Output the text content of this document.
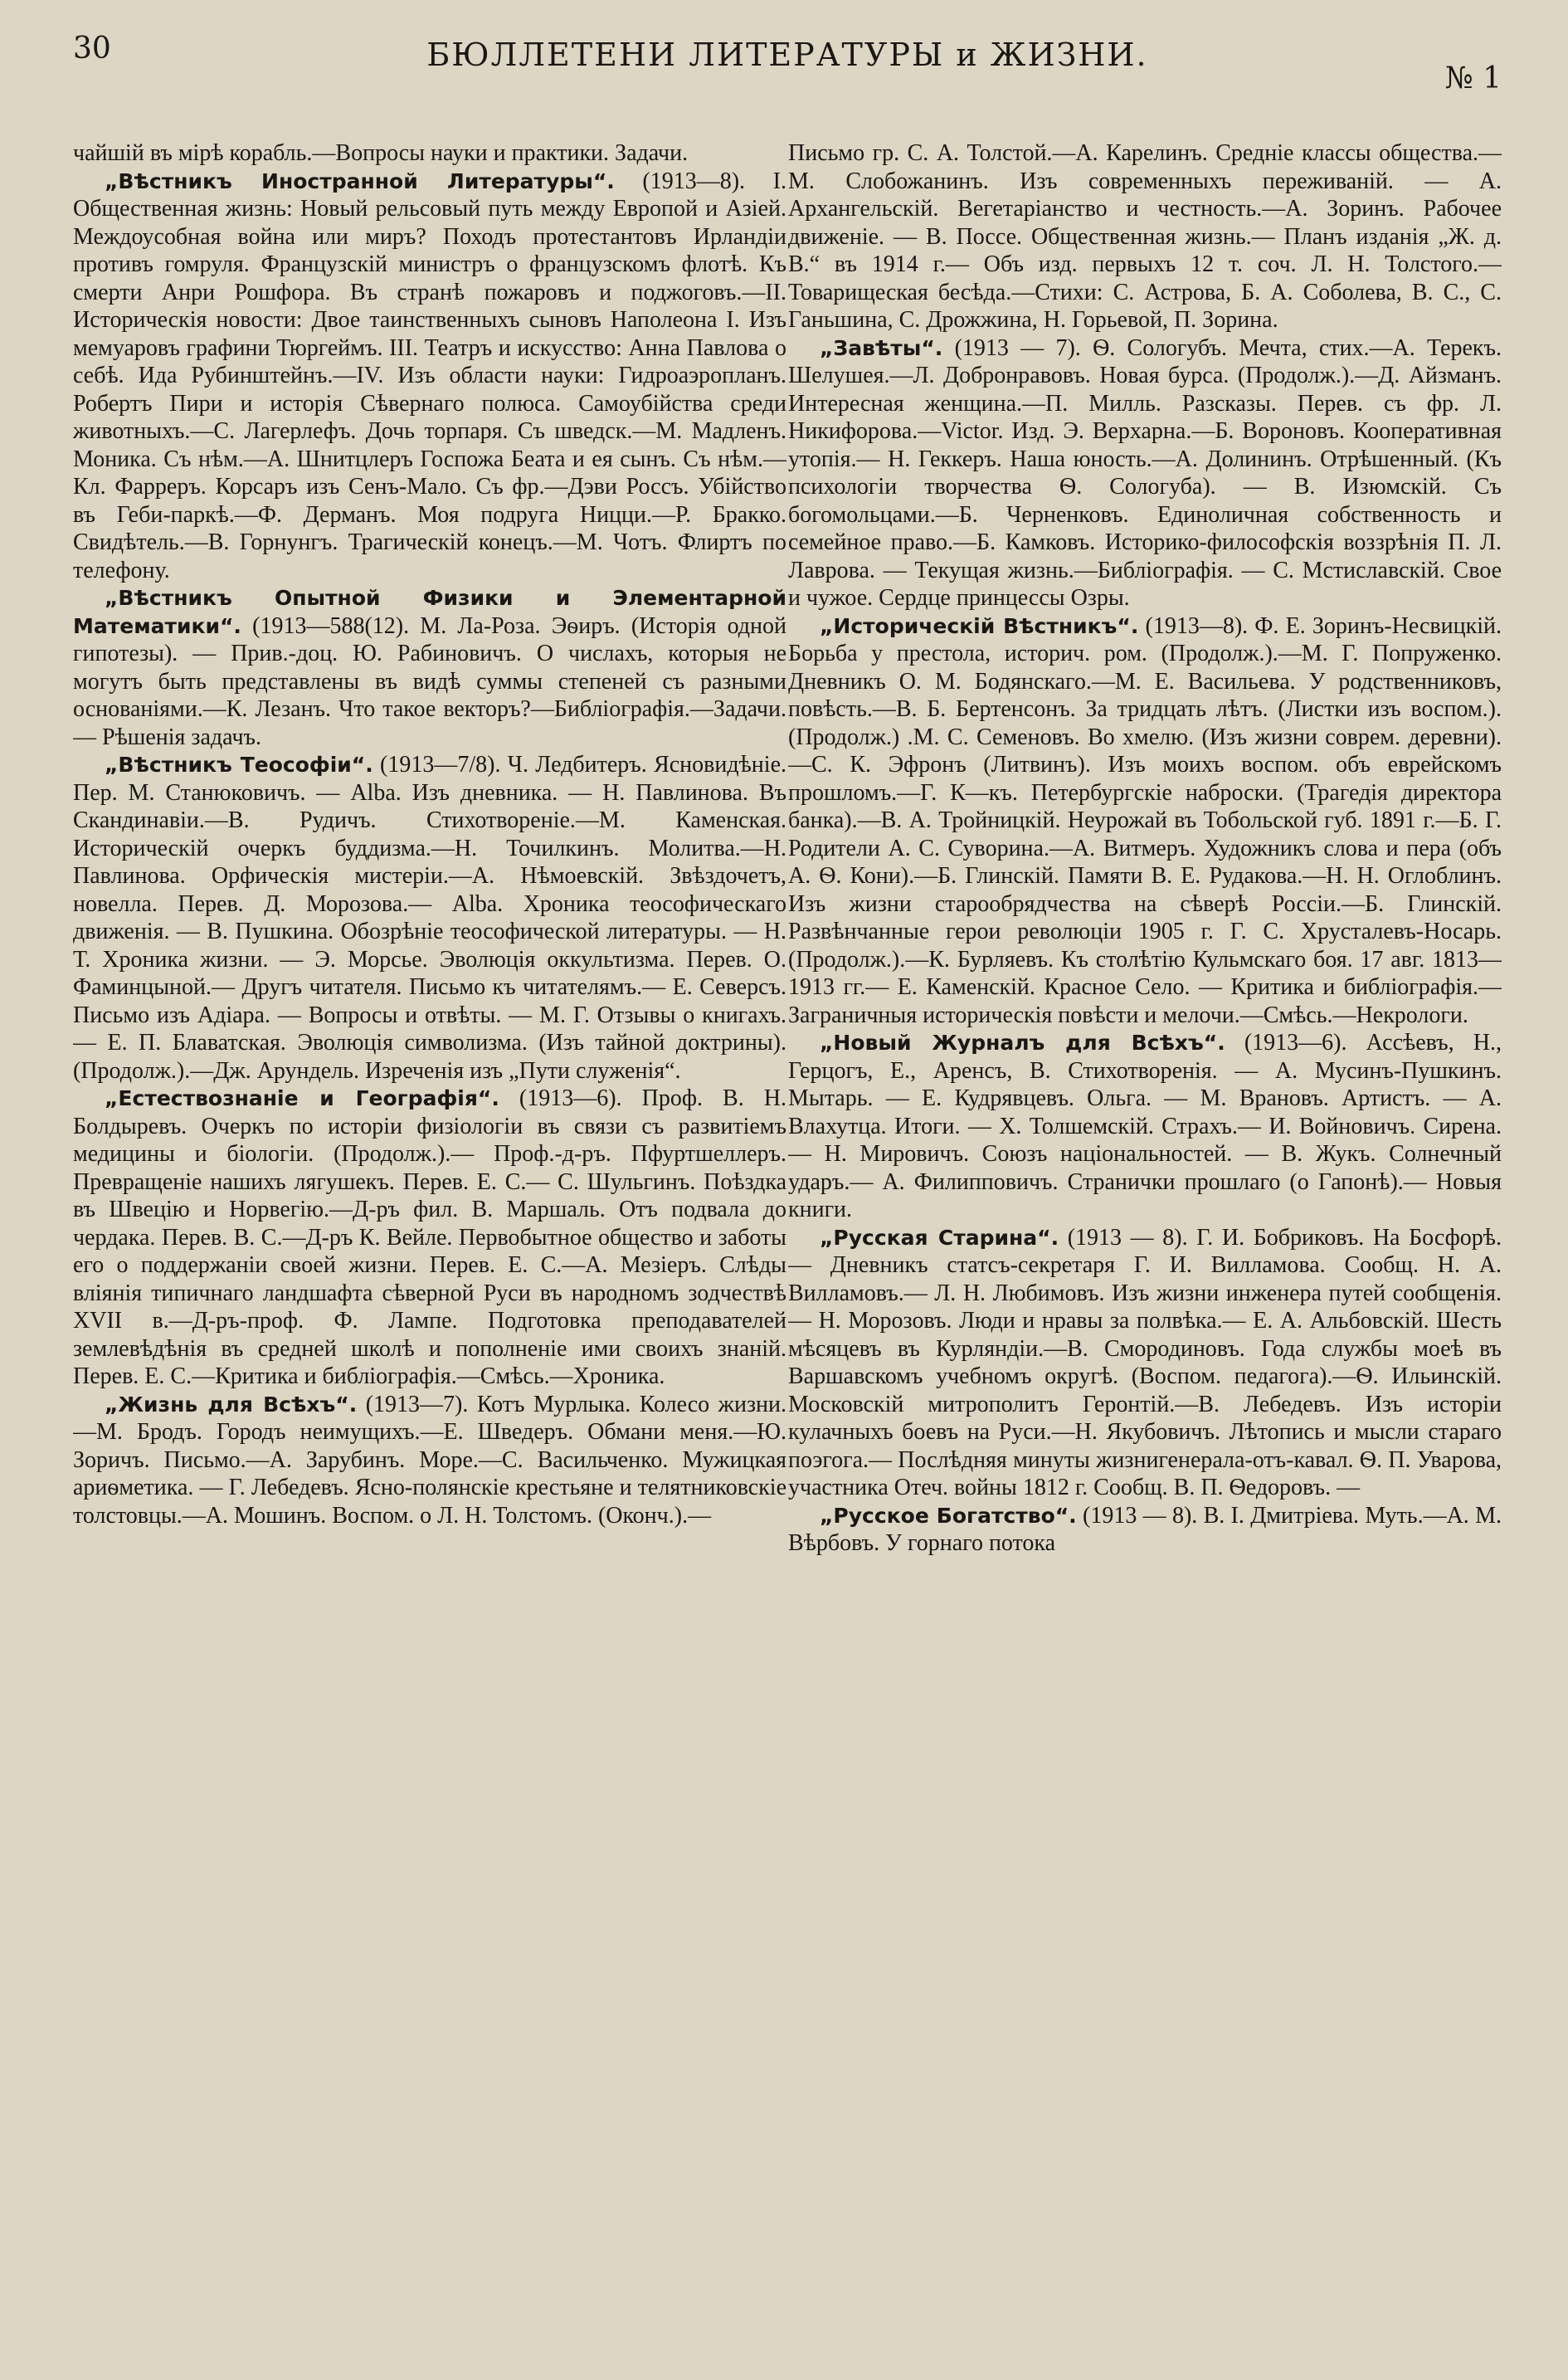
30	БЮЛЛЕТЕНИ ЛИТЕРАТУРЫ и ЖИЗНИ.
№ 1

чайшій въ мірѣ корабль.—Вопросы науки и практики. Задачи.

„Вѣстникъ Иностранной Литературы“. (1913—8). I. Общественная жизнь: Новый рельсовый путь между Европой и Азіей. Междоусобная война или миръ? Походъ протестантовъ Ирландіи противъ гомруля. Французскій министръ о французскомъ флотѣ. Къ смерти Анри Рошфора. Въ странѣ пожаровъ и поджоговъ.—II. Историческія новости: Двое таинственныхъ сыновъ Наполеона I. Изъ мемуаровъ графини Тюргеймъ. III. Театръ и искусство: Анна Павлова о себѣ. Ида Рубинштейнъ.—IV. Изъ области науки: Гидроаэропланъ. Робертъ Пири и исторія Сѣвернаго полюса. Самоубійства среди животныхъ.—С. Лагерлефъ. Дочь торпаря. Съ шведск.—М. Мадленъ. Моника. Съ нѣм.—А. Шнитцлеръ Госпожа Беата и ея сынъ. Съ нѣм.—Кл. Фарреръ. Корсаръ изъ Сенъ-Мало. Съ фр.—Дэви Россъ. Убійство въ Геби-паркѣ.—Ф. Дерманъ. Моя подруга Ницци.—Р. Бракко. Свидѣтель.—В. Горнунгъ. Трагическій конецъ.—М. Чотъ. Флиртъ по телефону.

„Вѣстникъ Опытной Физики и Элементарной Математики“. (1913—588(12). М. Ла-Роза. Эѳиръ. (Исторія одной гипотезы). — Прив.-доц. Ю. Рабиновичъ. О числахъ, которыя не могутъ быть представлены въ видѣ суммы степеней съ разными основаніями.—К. Лезанъ. Что такое векторъ?—Библіографія.—Задачи.— Рѣшенія задачъ.

„Вѣстникъ Теософіи“. (1913—7/8). Ч. Ледбитеръ. Ясновидѣніе. Пер. М. Станюковичъ. — Alba. Изъ дневника. — Н. Павлинова. Въ Скандинавіи.—В. Рудичъ. Стихотвореніе.—М. Каменская. Историческій очеркъ буддизма.—Н. Точилкинъ. Молитва.—Н. Павлинова. Орфическія мистеріи.—А. Нѣмоевскій. Звѣздочетъ, новелла. Перев. Д. Морозова.— Alba. Хроника теософическаго движенія. — В. Пушкина. Обозрѣніе теософической литературы. — Н. Т. Хроника жизни. — Э. Морсье. Эволюція оккультизма. Перев. О. Фаминцыной.— Другъ читателя. Письмо къ читателямъ.— Е. Северсъ. Письмо изъ Адіара. — Вопросы и отвѣты. — М. Г. Отзывы о книгахъ. — Е. П. Блаватская. Эволюція символизма. (Изъ тайной доктрины). (Продолж.).—Дж. Арундель. Изреченія изъ „Пути служенія“.

„Естествознаніе и Географія“. (1913—6). Проф. В. Н. Болдыревъ. Очеркъ по исторіи физіологіи въ связи съ развитіемъ медицины и біологіи. (Продолж.).— Проф.-д-ръ. Пфуртшеллеръ. Превращеніе нашихъ лягушекъ. Перев. Е. С.— С. Шульгинъ. Поѣздка въ Швецію и Норвегію.—Д-ръ фил. В. Маршаль. Отъ подвала до чердака. Перев. В. С.—Д-ръ К. Вейле. Первобытное общество и заботы его о поддержаніи своей жизни. Перев. Е. С.—А. Мезіеръ. Слѣды вліянія типичнаго ландшафта сѣверной Руси въ народномъ зодчествѣ XVII в.—Д-ръ-проф. Ф. Лампе. Подготовка преподавателей землевѣдѣнія въ средней школѣ и пополненіе ими своихъ знаній. Перев. Е. С.—Критика и библіографія.—Смѣсь.—Хроника.

„Жизнь для Всѣхъ“. (1913—7). Котъ Мурлыка. Колесо жизни.—М. Бродъ. Городъ неимущихъ.—Е. Шведеръ. Обмани меня.—Ю. Зоричъ. Письмо.—А. Зарубинъ. Море.—С. Васильченко. Мужицкая ариѳметика. — Г. Лебедевъ. Ясно-полянскіе крестьяне и телятниковскіе толстовцы.—А. Мошинъ. Воспом. о Л. Н. Толстомъ. (Оконч.).—

Письмо гр. С. А. Толстой.—А. Карелинъ. Среднiе классы общества.—М. Слобожанинъ. Изъ современныхъ переживаній. — А. Архангельскій. Вегетаріанство и честность.—А. Зоринъ. Рабочее движеніе. — В. Поссе. Общественная жизнь.— Планъ изданія „Ж. д. В.“ въ 1914 г.— Объ изд. первыхъ 12 т. соч. Л. Н. Толстого.—Товарищеская бесѣда.—Стихи: С. Астрова, Б. А. Соболева, В. С., С. Ганьшина, С. Дрожжина, Н. Горьевой, П. Зорина.

„Завѣты“. (1913 — 7). Ѳ. Сологубъ. Мечта, стих.—А. Терекъ. Шелушея.—Л. Добронравовъ. Новая бурса. (Продолж.).—Д. Айзманъ. Интересная женщина.—П. Милль. Разсказы. Перев. съ фр. Л. Никифорова.—Victor. Изд. Э. Верхарна.—Б. Вороновъ. Кооперативная утопія.— Н. Геккеръ. Наша юность.—А. Долининъ. Отрѣшенный. (Къ психологіи творчества Ѳ. Сологуба). — В. Изюмскій. Съ богомольцами.—Б. Черненковъ. Единоличная собственность и семейное право.—Б. Камковъ. Историко-философскія воззрѣнія П. Л. Лаврова. — Текущая жизнь.—Библіографія. — С. Мстиславскій. Свое и чужое. Сердце принцессы Озры.

„Историческій Вѣстникъ“. (1913—8). Ф. Е. Зоринъ-Несвицкій. Борьба у престола, историч. ром. (Продолж.).—М. Г. Попруженко. Дневникъ О. М. Бодянскаго.—М. Е. Васильева. У родственниковъ, повѣсть.—В. Б. Бертенсонъ. За тридцать лѣтъ. (Листки изъ воспом.). (Продолж.) .М. С. Семеновъ. Во хмелю. (Изъ жизни соврем. деревни).—С. К. Эфронъ (Литвинъ). Изъ моихъ воспом. объ еврейскомъ прошломъ.—Г. К—къ. Петербургскіе наброски. (Трагедія директора банка).—В. А. Тройницкій. Неурожай въ Тобольской губ. 1891 г.—Б. Г. Родители А. С. Суворина.—А. Витмеръ. Художникъ слова и пера (объ А. Ѳ. Кони).—Б. Глинскій. Памяти В. Е. Рудакова.—Н. Н. Оглоблинъ. Изъ жизни старообрядчества на сѣверѣ Россіи.—Б. Глинскій. Развѣнчанные герои революціи 1905 г. Г. С. Хрусталевъ-Носарь. (Продолж.).—К. Бурляевъ. Къ столѣтію Кульмскаго боя. 17 авг. 1813—1913 гг.— Е. Каменскій. Красное Село. — Критика и библіографія.— Заграничныя историческія повѣсти и мелочи.—Смѣсь.—Некрологи.

„Новый Журналъ для Всѣхъ“. (1913—6). Ассѣевъ, Н., Герцогъ, Е., Аренсъ, В. Стихотворенія. — А. Мусинъ-Пушкинъ. Мытарь. — Е. Кудрявцевъ. Ольга. — М. Врановъ. Артистъ. — А. Влахутца. Итоги. — Х. Толшемскій. Страхъ.— И. Войновичъ. Сирена.— Н. Мировичъ. Союзъ національностей. — В. Жукъ. Солнечный ударъ.— А. Филипповичъ. Странички прошлаго (о Гапонѣ).— Новыя книги.

„Русская Старина“. (1913 — 8). Г. И. Бобриковъ. На Босфорѣ. — Дневникъ статсъ-секретаря Г. И. Вилламова. Сообщ. Н. А. Вилламовъ.— Л. Н. Любимовъ. Изъ жизни инженера путей сообщенія.— Н. Морозовъ. Люди и нравы за полвѣка.— Е. А. Альбовскій. Шесть мѣсяцевъ въ Курляндіи.—В. Смородиновъ. Года службы моеѣ въ Варшавскомъ учебномъ округѣ. (Воспом. педагога).—Ѳ. Ильинскій. Московскій митрополитъ Геронтій.—В. Лебедевъ. Изъ исторіи кулачныхъ боевъ на Руси.—Н. Якубовичъ. Лѣтопись и мысли стараго поэгога.— Послѣдняя минуты жизнигенерала-отъ-кавал. Ѳ. П. Уварова, участника Отеч. войны 1812 г. Сообщ. В. П. Ѳедоровъ. —

„Русское Богатство“. (1913 — 8). В. І. Дмитріева. Муть.—А. М. Вѣрбовъ. У горнаго потока
